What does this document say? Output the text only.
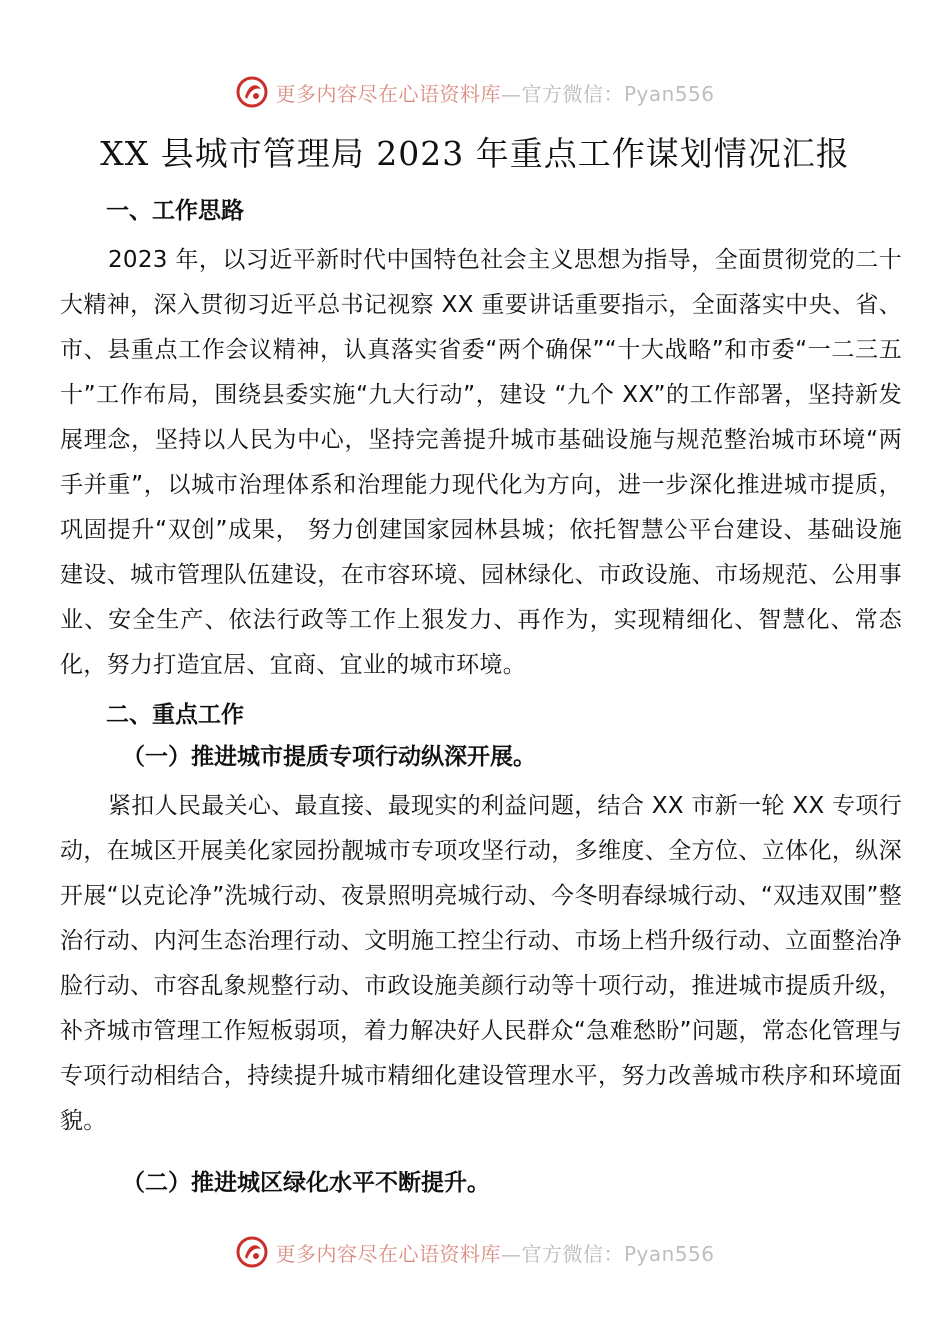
更多内容尽在心语资料库—官方微信：Pyan556
XX 县城市管理局 2023 年重点工作谋划情况汇报

一、工作思路

2023 年，以习近平新时代中国特色社会主义思想为指导，全面贯彻党的二十大精神，深入贯彻习近平总书记视察 XX 重要讲话重要指示，全面落实中央、省、市、县重点工作会议精神，认真落实省委“两个确保”“十大战略”和市委“一二三五十”工作布局，围绕县委实施“九大行动”，建设 “九个 XX”的工作部署，坚持新发展理念，坚持以人民为中心，坚持完善提升城市基础设施与规范整治城市环境“两手并重”，以城市治理体系和治理能力现代化为方向，进一步深化推进城市提质，巩固提升“双创”成果， 努力创建国家园林县城；依托智慧公平台建设、基础设施建设、城市管理队伍建设，在市容环境、园林绿化、市政设施、市场规范、公用事业、安全生产、依法行政等工作上狠发力、再作为，实现精细化、智慧化、常态化，努力打造宜居、宜商、宜业的城市环境。

二、重点工作

（一）推进城市提质专项行动纵深开展。

紧扣人民最关心、最直接、最现实的利益问题，结合 XX 市新一轮 XX 专项行动，在城区开展美化家园扮靓城市专项攻坚行动，多维度、全方位、立体化，纵深开展“以克论净”洗城行动、夜景照明亮城行动、今冬明春绿城行动、“双违双围”整治行动、内河生态治理行动、文明施工控尘行动、市场上档升级行动、立面整治净脸行动、市容乱象规整行动、市政设施美颜行动等十项行动，推进城市提质升级，补齐城市管理工作短板弱项，着力解决好人民群众“急难愁盼”问题，常态化管理与专项行动相结合，持续提升城市精细化建设管理水平，努力改善城市秩序和环境面貌。

（二）推进城区绿化水平不断提升。

更多内容尽在心语资料库—官方微信：Pyan556
